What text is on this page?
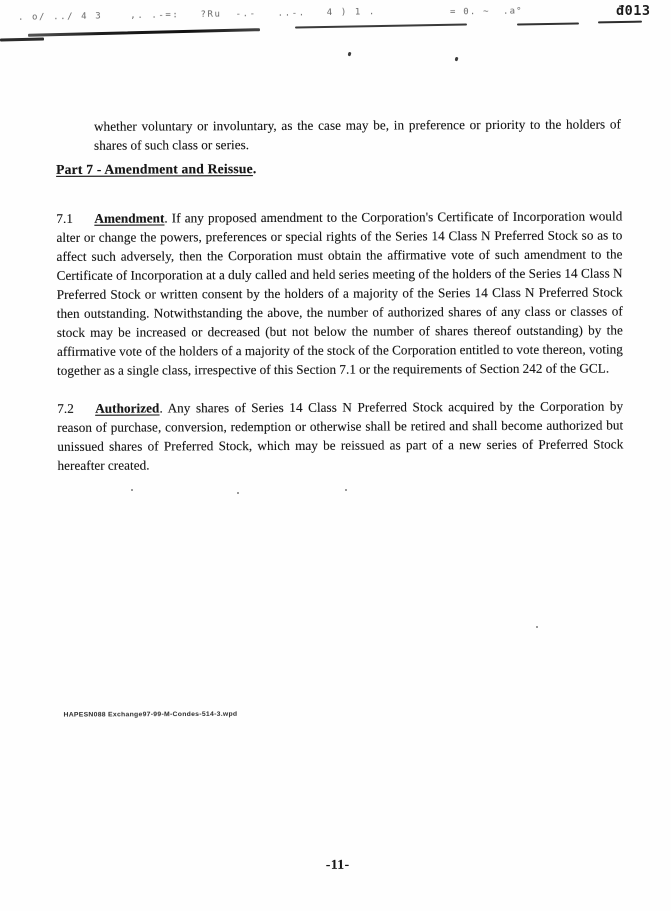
. o/ ../ 4 3    ,. .-=:   ?Ru  -.-   ..-.   4 ) 1 .	= 0. ~  .a°	đ013

whether voluntary or involuntary, as the case may be, in preference or priority to the holders of shares of such class or series.

Part 7 - Amendment and Reissue.

7.1 Amendment. If any proposed amendment to the Corporation's Certificate of Incorporation would alter or change the powers, preferences or special rights of the Series 14 Class N Preferred Stock so as to affect such adversely, then the Corporation must obtain the affirmative vote of such amendment to the Certificate of Incorporation at a duly called and held series meeting of the holders of the Series 14 Class N Preferred Stock or written consent by the holders of a majority of the Series 14 Class N Preferred Stock then outstanding. Notwithstanding the above, the number of authorized shares of any class or classes of stock may be increased or decreased (but not below the number of shares thereof outstanding) by the affirmative vote of the holders of a majority of the stock of the Corporation entitled to vote thereon, voting together as a single class, irrespective of this Section 7.1 or the requirements of Section 242 of the GCL.

7.2 Authorized. Any shares of Series 14 Class N Preferred Stock acquired by the Corporation by reason of purchase, conversion, redemption or otherwise shall be retired and shall become authorized but unissued shares of Preferred Stock, which may be reissued as part of a new series of Preferred Stock hereafter created.

HAPESN088 Exchange97-99-M-Condes-514-3.wpd
-11-
